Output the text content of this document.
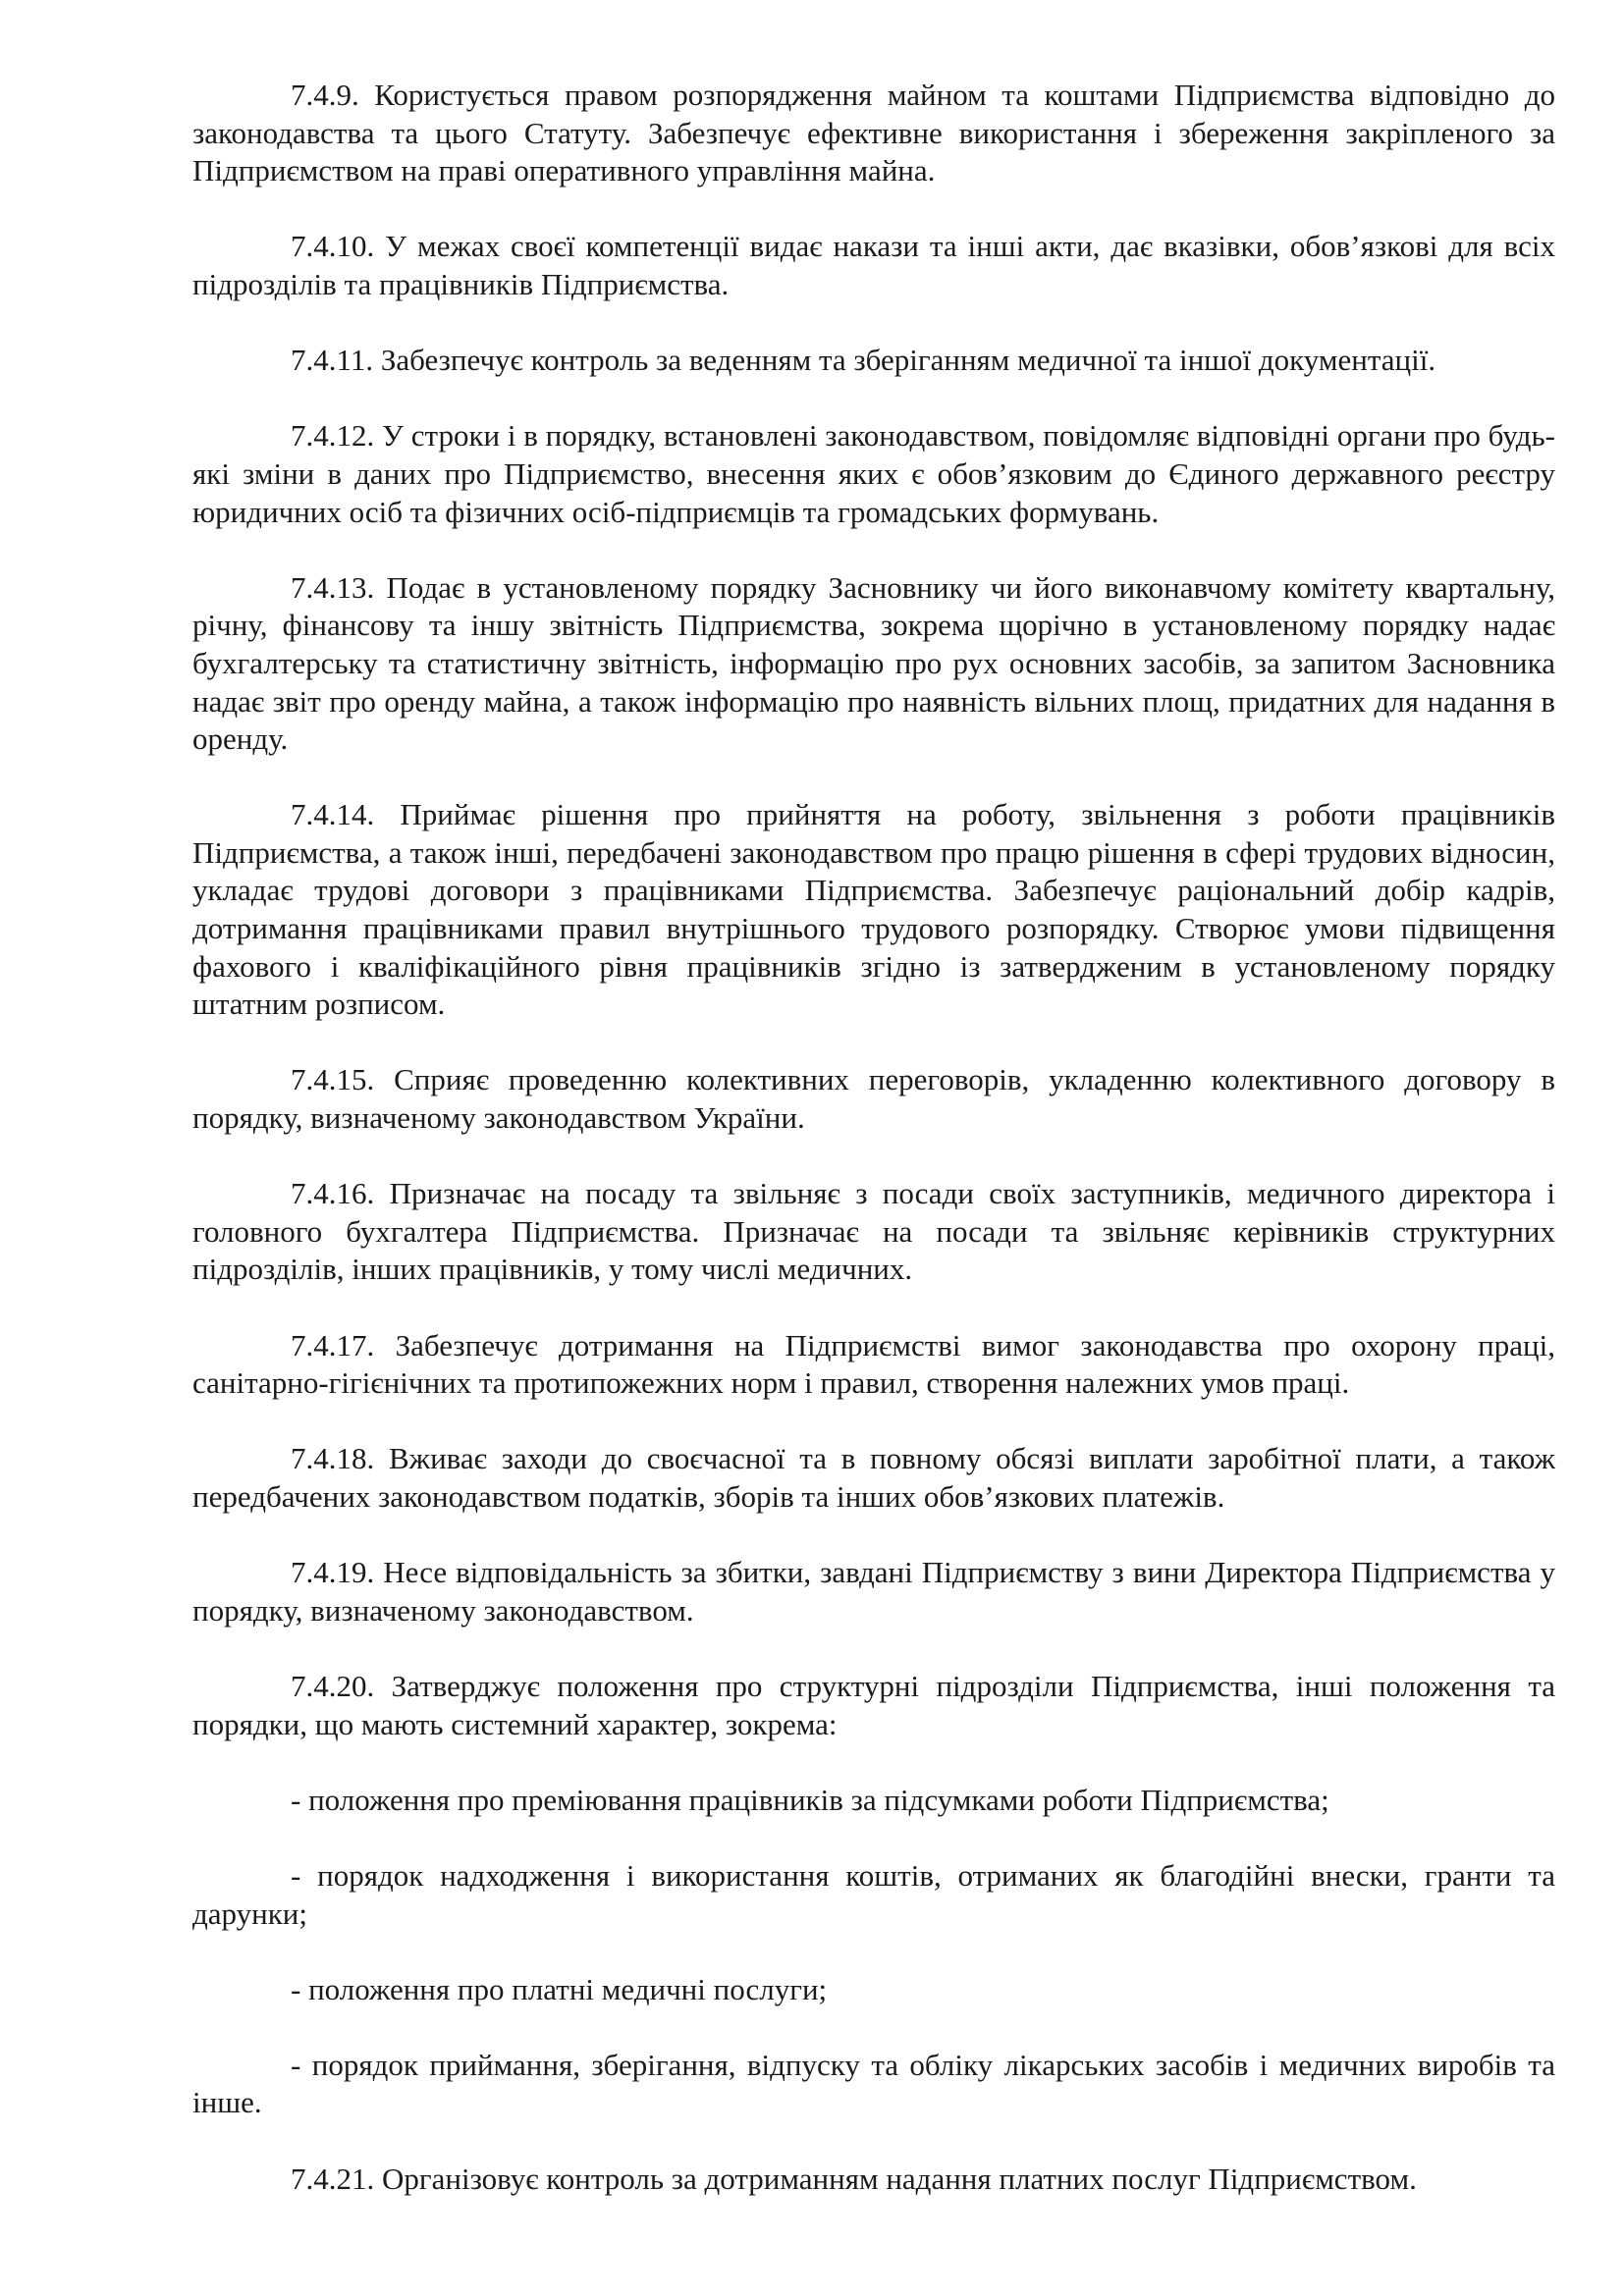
7.4.9. Користується правом розпорядження майном та коштами Підприємства відповідно до законодавства та цього Статуту. Забезпечує ефективне використання і збереження закріпленого за Підприємством на праві оперативного управління майна.

7.4.10. У межах своєї компетенції видає накази та інші акти, дає вказівки, обов’язкові для всіх підрозділів та працівників Підприємства.

7.4.11. Забезпечує контроль за веденням та зберіганням медичної та іншої документації.

7.4.12. У строки і в порядку, встановлені законодавством, повідомляє відповідні органи про будь-які зміни в даних про Підприємство, внесення яких є обов’язковим до Єдиного державного реєстру юридичних осіб та фізичних осіб-підприємців та громадських формувань.

7.4.13. Подає в установленому порядку Засновнику чи його виконавчому комітету квартальну, річну, фінансову та іншу звітність Підприємства, зокрема щорічно в установленому порядку надає бухгалтерську та статистичну звітність, інформацію про рух основних засобів, за запитом Засновника надає звіт про оренду майна, а також інформацію про наявність вільних площ, придатних для надання в оренду.

7.4.14. Приймає рішення про прийняття на роботу, звільнення з роботи працівників Підприємства, а також інші, передбачені законодавством про працю рішення в сфері трудових відносин, укладає трудові договори з працівниками Підприємства. Забезпечує раціональний добір кадрів, дотримання працівниками правил внутрішнього трудового розпорядку. Створює умови підвищення фахового і кваліфікаційного рівня працівників згідно із затвердженим в установленому порядку штатним розписом.

7.4.15. Сприяє проведенню колективних переговорів, укладенню колективного договору в порядку, визначеному законодавством України.

7.4.16. Призначає на посаду та звільняє з посади своїх заступників, медичного директора і головного бухгалтера Підприємства. Призначає на посади та звільняє керівників структурних підрозділів, інших працівників, у тому числі медичних.

7.4.17. Забезпечує дотримання на Підприємстві вимог законодавства про охорону праці, санітарно-гігієнічних та протипожежних норм і правил, створення належних умов праці.

7.4.18. Вживає заходи до своєчасної та в повному обсязі виплати заробітної плати, а також передбачених законодавством податків, зборів та інших обов’язкових платежів.

7.4.19. Несе відповідальність за збитки, завдані Підприємству з вини Директора Підприємства у порядку, визначеному законодавством.

7.4.20. Затверджує положення про структурні підрозділи Підприємства, інші положення та порядки, що мають системний характер, зокрема:

- положення про преміювання працівників за підсумками роботи Підприємства;

- порядок надходження і використання коштів, отриманих як благодійні внески, гранти та дарунки;

- положення про платні медичні послуги;

- порядок приймання, зберігання, відпуску та обліку лікарських засобів і медичних виробів та інше.

7.4.21. Організовує контроль за дотриманням надання платних послуг Підприємством.
